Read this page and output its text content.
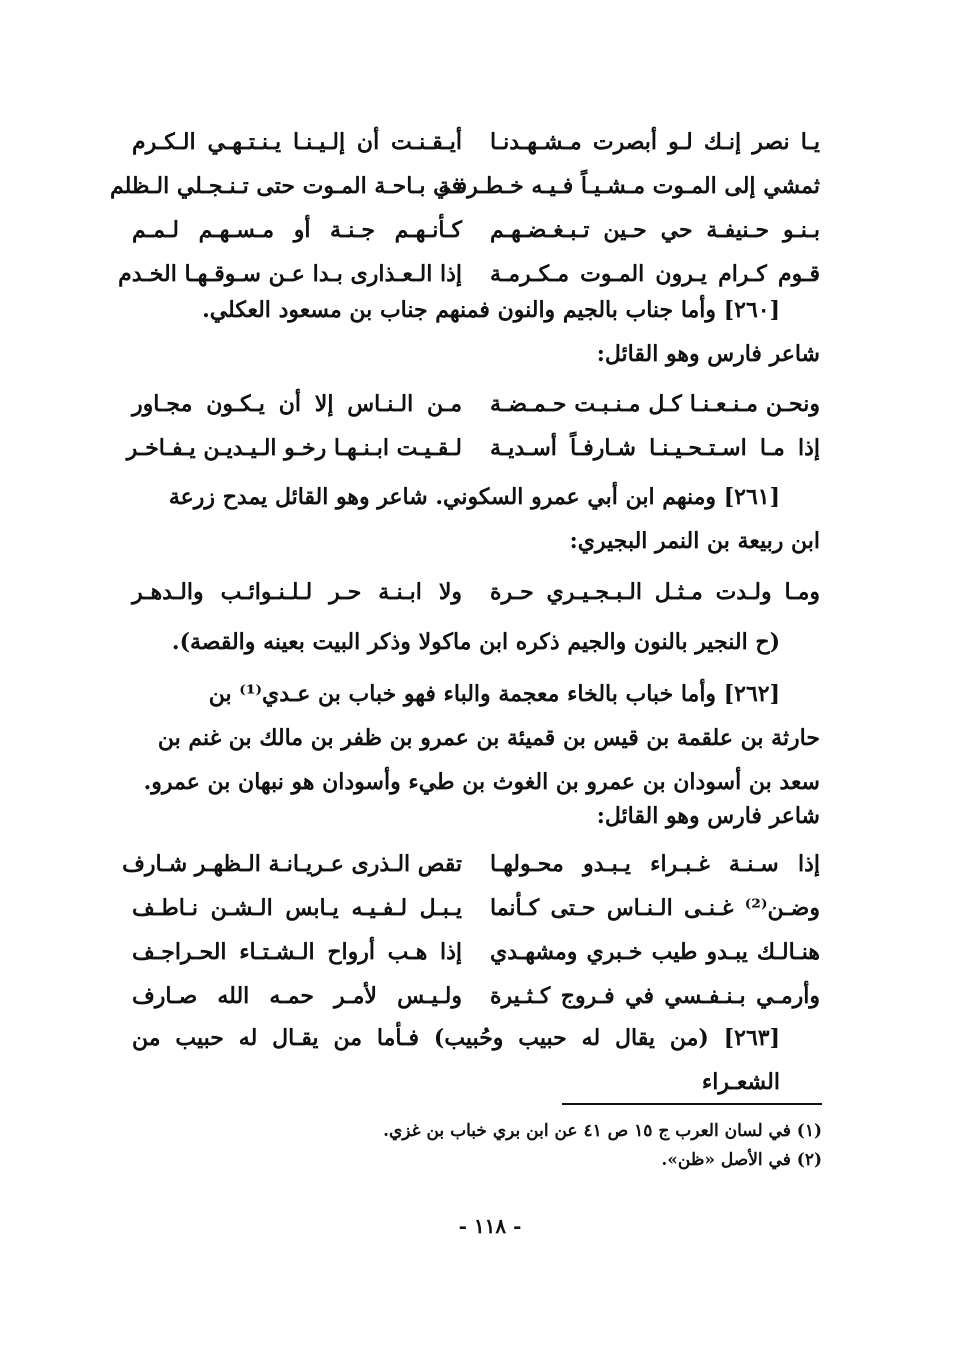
يـا نصر إنـك لـو أبصرت مـشـهـدنـا
أيـقـنـت أن إلـيـنـا يـنـتـهـي الـكـرم
ثمشي إلى المـوت مـشـيـاً فـيـه خـطـرفـة
في بـاحـة المـوت حتى تـنـجـلي الـظلم
بـنـو حـنيفـة حي حـين تـبـغـضـهـم
كـأنـهـم جـنـة أو مـسـهـم لـمـم
قـوم كـرام يـرون المـوت مـكـرمـة
إذا الـعـذارى بـدا عـن سـوقـهـا الخـدم
[٢٦٠] وأما جناب بالجيم والنون فمنهم جناب بن مسعود العكلي.
شاعر فارس وهو القائل:
ونحـن مـنـعـنـا كـل مـنـبـت حـمـضـة
مـن الـنـاس إلا أن يـكـون مجـاور
إذا مـا اسـتـحـيـنـا شـارفـاً أسـديـة
لـقـيـت ابـنـهـا رخـو الـيـديـن يـفـاخـر
[٢٦١] ومنهم ابن أبي عمرو السكوني. شاعر وهو القائل يمدح زرعة
ابن ربيعة بن النمر البجيري:
ومـا ولـدت مـثـل الـبـجـيـري حـرة
ولا ابـنـة حـر لـلـنـوائـب والـدهـر
(ح النجير بالنون والجيم ذكره ابن ماكولا وذكر البيت بعينه والقصة).
[٢٦٢] وأما خباب بالخاء معجمة والباء فهو خباب بن عـدي⁽¹⁾ بن
حارثة بن علقمة بن قيس بن قميئة بن عمرو بن ظفر بن مالك بن غنم بن
سعد بن أسودان بن عمرو بن الغوث بن طيء وأسودان هو نبهان بن عمرو.
شاعر فارس وهو القائل:
إذا سـنـة غـبـراء يـبـدو محـولهـا
تقص الـذرى عـريـانـة الـظهـر شـارف
وضـن⁽²⁾ غـنـى الـنـاس حـتى كـأنما
يـبـل لـفـيـه يـابس الـشـن نـاطـف
هنـالـك يبـدو طيب خـبري ومشهـدي
إذا هـب أرواح الـشـتـاء الحـراجـف
وأرمـي بـنـفـسي في فـروج كـثـيرة
ولـيـس لأمـر حمـه الله صـارف
[٢٦٣] (من يقال له حبيب وحُبيب) فـأما من يقـال له حبيب من الشعـراء
(١) في لسان العرب ج ١٥ ص ٤١ عن ابن بري خباب بن غزي.
(٢) في الأصل «ظن».
- ١١٨ -
